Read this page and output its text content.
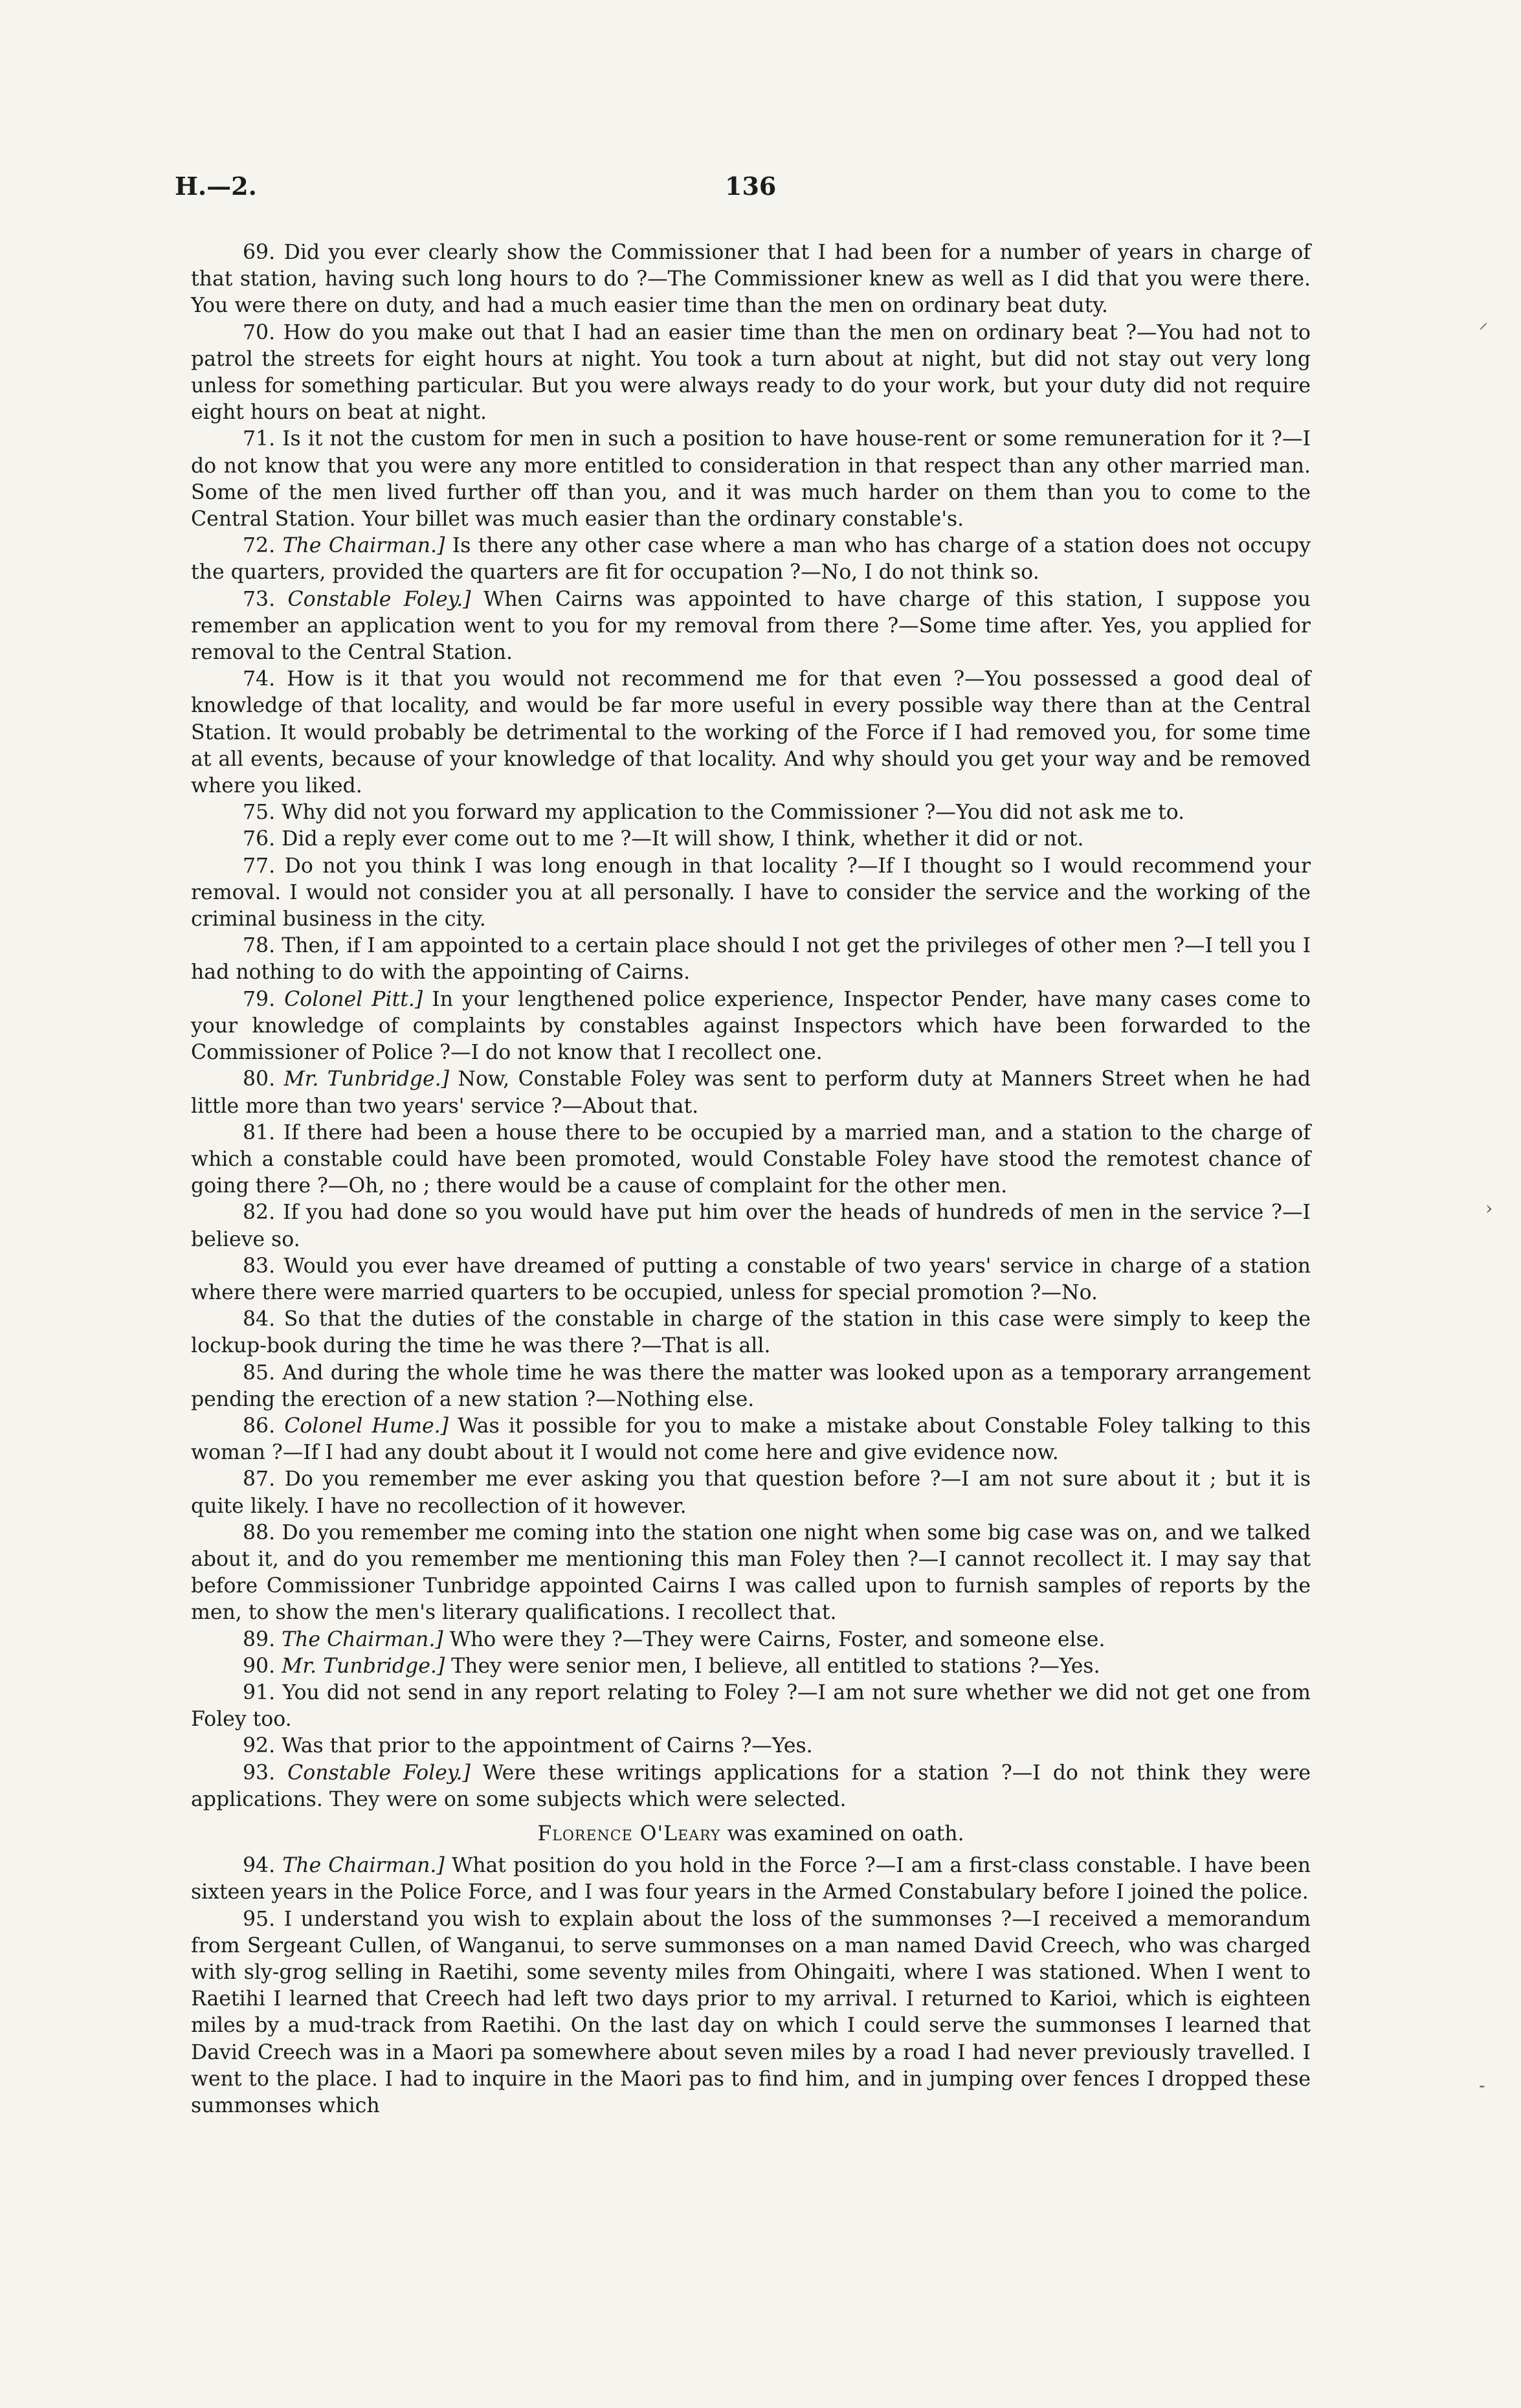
H.—2.	136

69. Did you ever clearly show the Commissioner that I had been for a number of years in charge of that station, having such long hours to do ?—The Commissioner knew as well as I did that you were there. You were there on duty, and had a much easier time than the men on ordinary beat duty.

70. How do you make out that I had an easier time than the men on ordinary beat ?—You had not to patrol the streets for eight hours at night. You took a turn about at night, but did not stay out very long unless for something particular. But you were always ready to do your work, but your duty did not require eight hours on beat at night.

71. Is it not the custom for men in such a position to have house-rent or some remuneration for it ?—I do not know that you were any more entitled to consideration in that respect than any other married man. Some of the men lived further off than you, and it was much harder on them than you to come to the Central Station. Your billet was much easier than the ordinary constable's.

72. The Chairman.] Is there any other case where a man who has charge of a station does not occupy the quarters, provided the quarters are fit for occupation ?—No, I do not think so.

73. Constable Foley.] When Cairns was appointed to have charge of this station, I suppose you remember an application went to you for my removal from there ?—Some time after. Yes, you applied for removal to the Central Station.

74. How is it that you would not recommend me for that even ?—You possessed a good deal of knowledge of that locality, and would be far more useful in every possible way there than at the Central Station. It would probably be detrimental to the working of the Force if I had removed you, for some time at all events, because of your knowledge of that locality. And why should you get your way and be removed where you liked.

75. Why did not you forward my application to the Commissioner ?—You did not ask me to.

76. Did a reply ever come out to me ?—It will show, I think, whether it did or not.

77. Do not you think I was long enough in that locality ?—If I thought so I would recommend your removal. I would not consider you at all personally. I have to consider the service and the working of the criminal business in the city.

78. Then, if I am appointed to a certain place should I not get the privileges of other men ?—I tell you I had nothing to do with the appointing of Cairns.

79. Colonel Pitt.] In your lengthened police experience, Inspector Pender, have many cases come to your knowledge of complaints by constables against Inspectors which have been forwarded to the Commissioner of Police ?—I do not know that I recollect one.

80. Mr. Tunbridge.] Now, Constable Foley was sent to perform duty at Manners Street when he had little more than two years' service ?—About that.

81. If there had been a house there to be occupied by a married man, and a station to the charge of which a constable could have been promoted, would Constable Foley have stood the remotest chance of going there ?—Oh, no ; there would be a cause of complaint for the other men.

82. If you had done so you would have put him over the heads of hundreds of men in the service ?—I believe so.

83. Would you ever have dreamed of putting a constable of two years' service in charge of a station where there were married quarters to be occupied, unless for special promotion ?—No.

84. So that the duties of the constable in charge of the station in this case were simply to keep the lockup-book during the time he was there ?—That is all.

85. And during the whole time he was there the matter was looked upon as a temporary arrangement pending the erection of a new station ?—Nothing else.

86. Colonel Hume.] Was it possible for you to make a mistake about Constable Foley talking to this woman ?—If I had any doubt about it I would not come here and give evidence now.

87. Do you remember me ever asking you that question before ?—I am not sure about it ; but it is quite likely. I have no recollection of it however.

88. Do you remember me coming into the station one night when some big case was on, and we talked about it, and do you remember me mentioning this man Foley then ?—I cannot recollect it. I may say that before Commissioner Tunbridge appointed Cairns I was called upon to furnish samples of reports by the men, to show the men's literary qualifications. I recollect that.

89. The Chairman.] Who were they ?—They were Cairns, Foster, and someone else.

90. Mr. Tunbridge.] They were senior men, I believe, all entitled to stations ?—Yes.

91. You did not send in any report relating to Foley ?—I am not sure whether we did not get one from Foley too.

92. Was that prior to the appointment of Cairns ?—Yes.

93. Constable Foley.] Were these writings applications for a station ?—I do not think they were applications. They were on some subjects which were selected.

Florence O'Leary was examined on oath.

94. The Chairman.] What position do you hold in the Force ?—I am a first-class constable. I have been sixteen years in the Police Force, and I was four years in the Armed Constabulary before I joined the police.

95. I understand you wish to explain about the loss of the summonses ?—I received a memorandum from Sergeant Cullen, of Wanganui, to serve summonses on a man named David Creech, who was charged with sly-grog selling in Raetihi, some seventy miles from Ohingaiti, where I was stationed. When I went to Raetihi I learned that Creech had left two days prior to my arrival. I returned to Karioi, which is eighteen miles by a mud-track from Raetihi. On the last day on which I could serve the summonses I learned that David Creech was in a Maori pa somewhere about seven miles by a road I had never previously travelled. I went to the place. I had to inquire in the Maori pas to find him, and in jumping over fences I dropped these summonses which

⸝
›
‐
